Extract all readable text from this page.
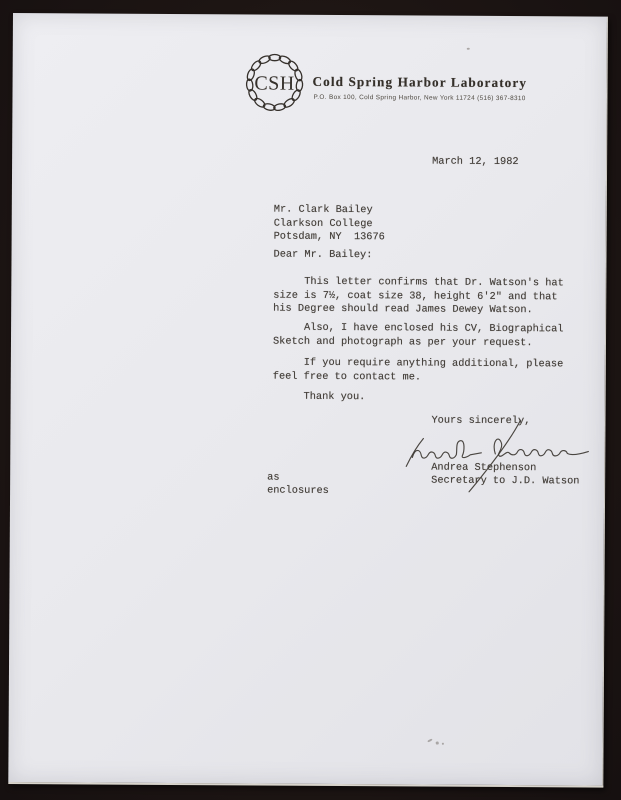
CSH Cold Spring Harbor Laboratory
P.O. Box 100, Cold Spring Harbor, New York 11724 (516) 367-8310
March 12, 1982
Mr. Clark Bailey
Clarkson College
Potsdam, NY  13676
Dear Mr. Bailey:
This letter confirms that Dr. Watson's hat
size is 7½, coat size 38, height 6'2" and that
his Degree should read James Dewey Watson.
Also, I have enclosed his CV, Biographical
Sketch and photograph as per your request.
If you require anything additional, please
feel free to contact me.
Thank you.
Yours sincerely,
Andrea Stephenson
Secretary to J.D. Watson
as
enclosures
